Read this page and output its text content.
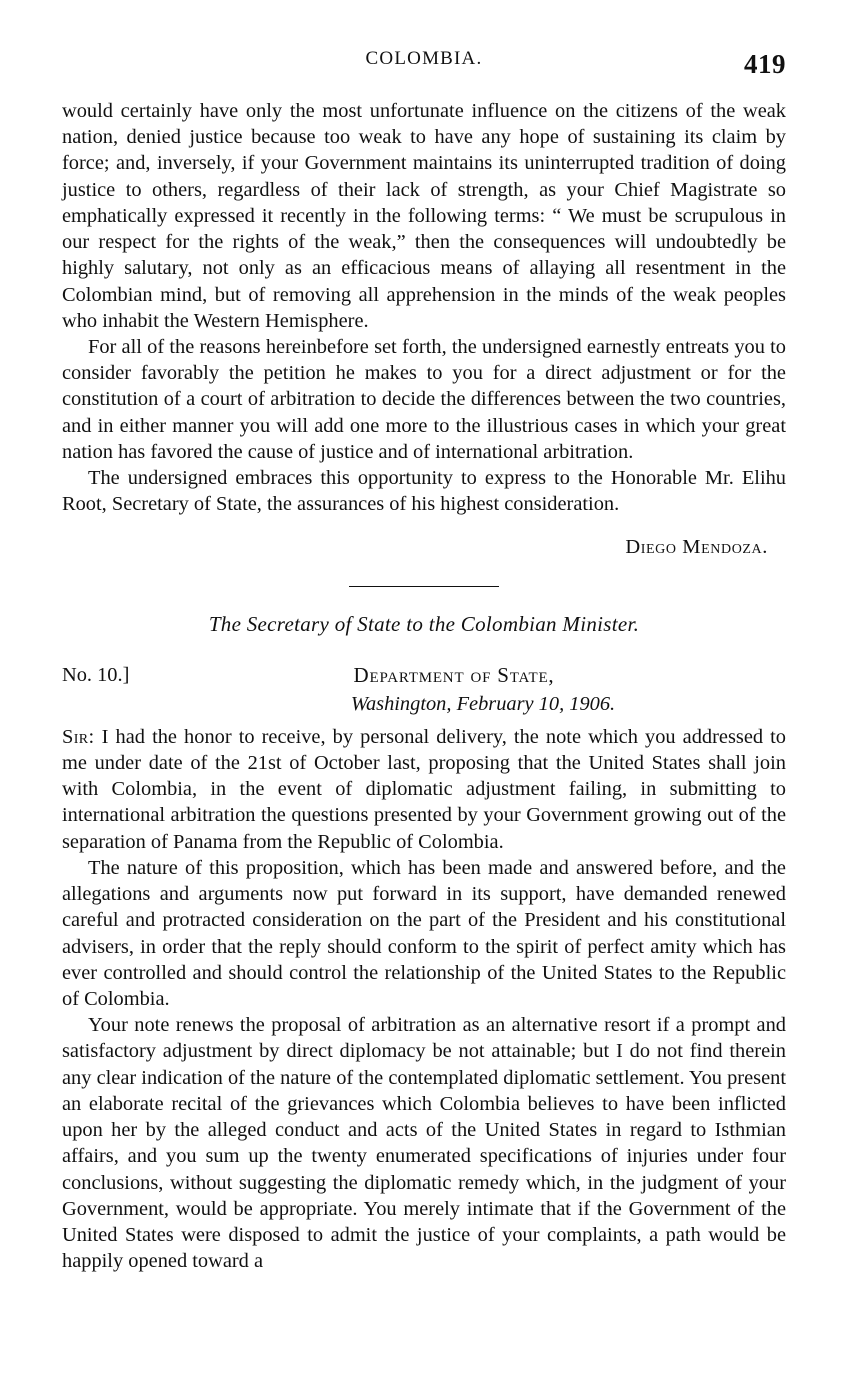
COLOMBIA.	419

would certainly have only the most unfortunate influence on the citizens of the weak nation, denied justice because too weak to have any hope of sustaining its claim by force; and, inversely, if your Government maintains its uninterrupted tradition of doing justice to others, regardless of their lack of strength, as your Chief Magistrate so emphatically expressed it recently in the following terms: “ We must be scrupulous in our respect for the rights of the weak,” then the consequences will undoubtedly be highly salutary, not only as an efficacious means of allaying all resentment in the Colombian mind, but of removing all apprehension in the minds of the weak peoples who inhabit the Western Hemisphere.

For all of the reasons hereinbefore set forth, the undersigned earnestly entreats you to consider favorably the petition he makes to you for a direct adjustment or for the constitution of a court of arbitration to decide the differences between the two countries, and in either manner you will add one more to the illustrious cases in which your great nation has favored the cause of justice and of international arbitration.

The undersigned embraces this opportunity to express to the Honorable Mr. Elihu Root, Secretary of State, the assurances of his highest consideration.

Diego Mendoza.
The Secretary of State to the Colombian Minister.
No. 10.]	Department of State,
Washington, February 10, 1906.

Sir: I had the honor to receive, by personal delivery, the note which you addressed to me under date of the 21st of October last, proposing that the United States shall join with Colombia, in the event of diplomatic adjustment failing, in submitting to international arbitration the questions presented by your Government growing out of the separation of Panama from the Republic of Colombia.

The nature of this proposition, which has been made and answered before, and the allegations and arguments now put forward in its support, have demanded renewed careful and protracted consideration on the part of the President and his constitutional advisers, in order that the reply should conform to the spirit of perfect amity which has ever controlled and should control the relationship of the United States to the Republic of Colombia.

Your note renews the proposal of arbitration as an alternative resort if a prompt and satisfactory adjustment by direct diplomacy be not attainable; but I do not find therein any clear indication of the nature of the contemplated diplomatic settlement. You present an elaborate recital of the grievances which Colombia believes to have been inflicted upon her by the alleged conduct and acts of the United States in regard to Isthmian affairs, and you sum up the twenty enumerated specifications of injuries under four conclusions, without suggesting the diplomatic remedy which, in the judgment of your Government, would be appropriate. You merely intimate that if the Government of the United States were disposed to admit the justice of your complaints, a path would be happily opened toward a
